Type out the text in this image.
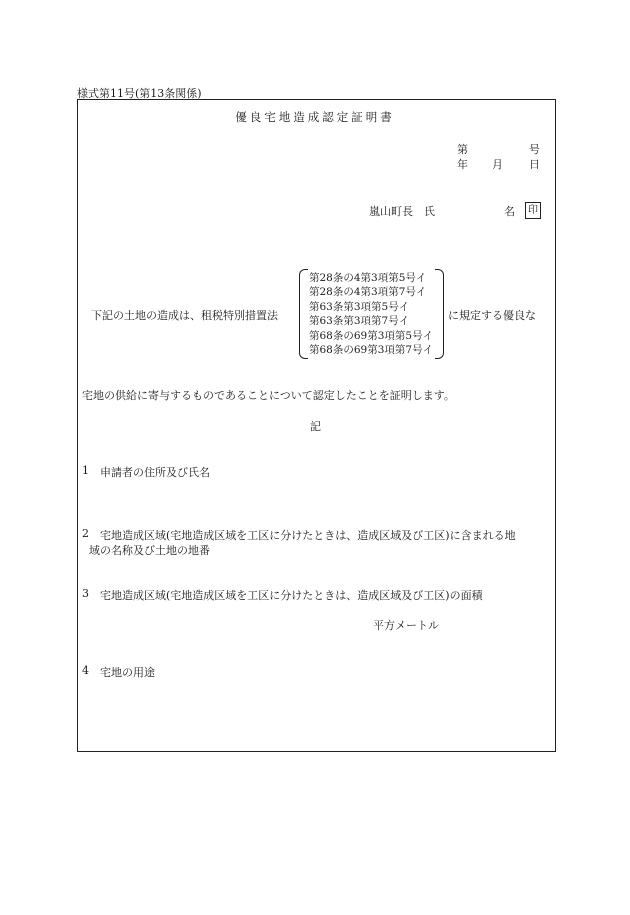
様式第11号(第13条関係)
優良宅地造成認定証明書
第	号
年 月 日
嵐山町長　氏	名	印
下記の土地の造成は、租税特別措置法
第28条の4第3項第5号イ
第28条の4第3項第7号イ
第63条第3項第5号イ
第63条第3項第7号イ
第68条の69第3項第5号イ
第68条の69第3項第7号イ
に規定する優良な
宅地の供給に寄与するものであることについて認定したことを証明します。
記
1 申請者の住所及び氏名
2 宅地造成区域(宅地造成区域を工区に分けたときは、造成区域及び工区)に含まれる地
域の名称及び土地の地番
3 宅地造成区域(宅地造成区域を工区に分けたときは、造成区域及び工区)の面積
平方メートル
4 宅地の用途
